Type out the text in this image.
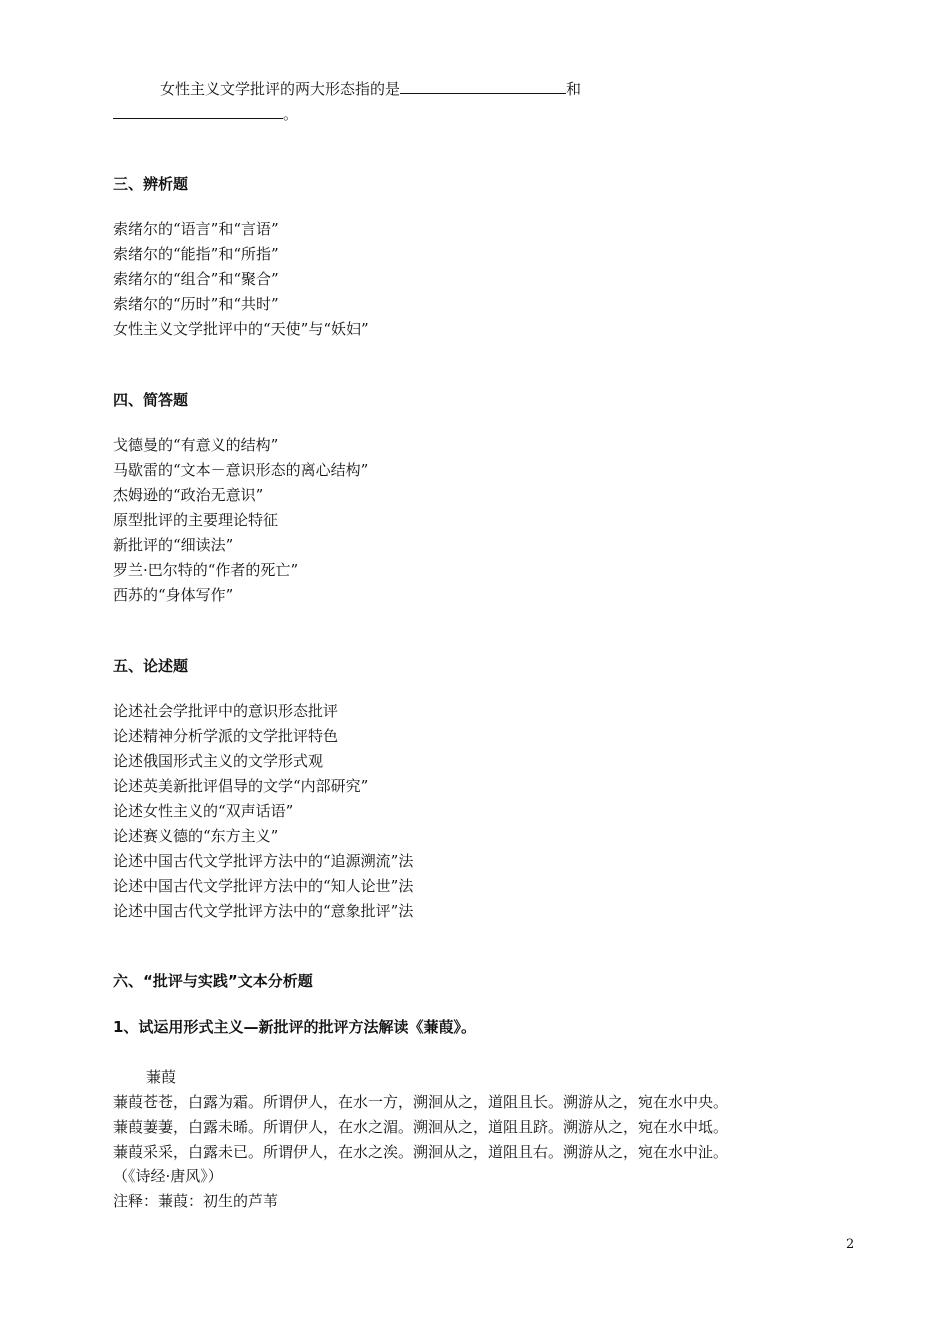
女性主义文学批评的两大形态指的是	和
。
三、辨析题
索绪尔的“语言”和“言语”
索绪尔的“能指”和“所指”
索绪尔的“组合”和“聚合”
索绪尔的“历时”和“共时”
女性主义文学批评中的“天使”与“妖妇”
四、简答题
戈德曼的“有意义的结构”
马歇雷的“文本－意识形态的离心结构”
杰姆逊的“政治无意识”
原型批评的主要理论特征
新批评的“细读法”
罗兰·巴尔特的“作者的死亡”
西苏的“身体写作”
五、论述题
论述社会学批评中的意识形态批评
论述精神分析学派的文学批评特色
论述俄国形式主义的文学形式观
论述英美新批评倡导的文学“内部研究”
论述女性主义的“双声话语”
论述赛义德的“东方主义”
论述中国古代文学批评方法中的“追源溯流”法
论述中国古代文学批评方法中的“知人论世”法
论述中国古代文学批评方法中的“意象批评”法
六、“批评与实践”文本分析题
1、试运用形式主义—新批评的批评方法解读《蒹葭》。
蒹葭
蒹葭苍苍，白露为霜。所谓伊人，在水一方，溯洄从之，道阻且长。溯游从之，宛在水中央。
蒹葭萋萋，白露未晞。所谓伊人，在水之湄。溯洄从之，道阻且跻。溯游从之，宛在水中坻。
蒹葭采采，白露未已。所谓伊人，在水之涘。溯洄从之，道阻且右。溯游从之，宛在水中沚。
（《诗经·唐风》）
注释：蒹葭：初生的芦苇
2
